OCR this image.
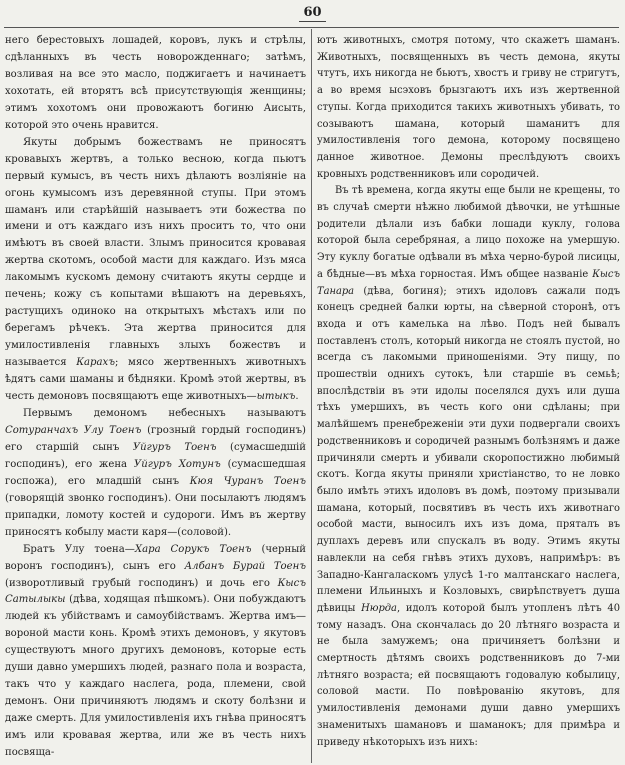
60

него берестовыхъ лошадей, коровъ, лукъ и стрѣлы, сдѣланныхъ въ честь новорожденнаго; затѣмъ, возливая на все это масло, поджигаетъ и начинаетъ хохотать, ей вторятъ всѣ присутствующія женщины; этимъ хохотомъ они провожаютъ богиню Аисыть, которой это очень нравится.

Якуты добрымъ божествамъ не приносятъ кровавыхъ жертвъ, а только весною, когда пьютъ первый кумысъ, въ честь нихъ дѣлаютъ возліяніе на огонь кумысомъ изъ деревянной ступы. При этомъ шаманъ или старѣйшій называетъ эти божества по имени и отъ каждаго изъ нихъ проситъ то, что они имѣютъ въ своей власти. Злымъ приносится кровавая жертва скотомъ, особой масти для каждаго. Изъ мяса лакомымъ кускомъ демону считаютъ якуты сердце и печень; кожу съ копытами вѣшаютъ на деревьяхъ, растущихъ одиноко на открытыхъ мѣстахъ или по берегамъ рѣчекъ. Эта жертва приносится для умилостивленія главныхъ злыхъ божествъ и называется Карахъ; мясо жертвенныхъ животныхъ ѣдятъ сами шаманы и бѣдняки. Кромѣ этой жертвы, въ честь демоновъ посвящаютъ еще животныхъ—ытыкъ.

Первымъ демономъ небесныхъ называютъ Сотуранчахъ Улу Тоенъ (грозный гордый господинъ) его старшій сынъ Уйгуръ Тоенъ (сумасшедшій господинъ), его жена Уйгуръ Хотунъ (сумасшедшая госпожа), его младшій сынъ Кюя Чуранъ Тоенъ (говорящій звонко господинъ). Они посылаютъ людямъ припадки, ломоту костей и судороги. Имъ въ жертву приносятъ кобылу масти каря—(соловой).

Братъ Улу тоена—Хара Сорукъ Тоенъ (черный воронъ господинъ), сынъ его Албанъ Бурай Тоенъ (изворотливый грубый господинъ) и дочь его Кысъ Сатылыкы (дѣва, ходящая пѣшкомъ). Они побуждаютъ людей къ убійствамъ и самоубійствамъ. Жертва имъ—вороной масти конь. Кромѣ этихъ демоновъ, у якутовъ существуютъ много другихъ демоновъ, которые есть души давно умершихъ людей, разнаго пола и возраста, такъ что у каждаго наслега, рода, племени, свой демонъ. Они причиняютъ людямъ и скоту болѣзни и даже смерть. Для умилостивленія ихъ гнѣва приносятъ имъ или кровавая жертва, или же въ честь нихъ посвяща-

ютъ животныхъ, смотря потому, что скажетъ шаманъ. Животныхъ, посвященныхъ въ честь демона, якуты чтутъ, ихъ никогда не бьютъ, хвостъ и гриву не стригутъ, а во время ысэховъ брызгаютъ ихъ изъ жертвенной ступы. Когда приходится такихъ животныхъ убивать, то созываютъ шамана, который шаманитъ для умилостивленія того демона, которому посвящено данное животное. Демоны преслѣдуютъ своихъ кровныхъ родственниковъ или сородичей.

Въ тѣ времена, когда якуты еще были не крещены, то въ случаѣ смерти нѣжно любимой дѣвочки, не утѣшные родители дѣлали изъ бабки лошади куклу, голова которой была серебряная, а лицо похоже на умершую. Эту куклу богатые одѣвали въ мѣха черно-бурой лисицы, а бѣдные—въ мѣха горностая. Имъ общее названіе Кысъ Танара (дѣва, богиня); этихъ идоловъ сажали подъ конецъ средней балки юрты, на сѣверной сторонѣ, отъ входа и отъ камелька на лѣво. Подъ ней бывалъ поставленъ столъ, который никогда не стоялъ пустой, но всегда съ лакомыми приношеніями. Эту пищу, по прошествіи однихъ сутокъ, ѣли старшіе въ семьѣ; впослѣдствіи въ эти идолы поселялся духъ или душа тѣхъ умершихъ, въ честь кого они сдѣланы; при малѣйшемъ пренебреженіи эти духи подвергали своихъ родственниковъ и сородичей разнымъ болѣзнямъ и даже причиняли смерть и убивали скоропостижно любимый скотъ. Когда якуты приняли христіанство, то не ловко было имѣть этихъ идоловъ въ домѣ, поэтому призывали шамана, который, посвятивъ въ честь ихъ животнаго особой масти, выносилъ ихъ изъ дома, пряталъ въ дуплахъ деревъ или спускалъ въ воду. Этимъ якуты навлекли на себя гнѣвъ этихъ духовъ, напримѣръ: въ Западно-Кангаласкомъ улусѣ 1-го малтанскаго наслега, племени Ильиныхъ и Козловыхъ, свирѣпствуетъ душа дѣвицы Нюрда, идолъ которой былъ утопленъ лѣтъ 40 тому назадъ. Она скончалась до 20 лѣтняго возраста и не была замужемъ; она причиняетъ болѣзни и смертность дѣтямъ своихъ родственниковъ до 7-ми лѣтняго возраста; ей посвящаютъ годовалую кобылицу, соловой масти. По повѣрованію якутовъ, для умилостивленія демонами души давно умершихъ знаменитыхъ шамановъ и шаманокъ; для примѣра и приведу нѣкоторыхъ изъ нихъ:
